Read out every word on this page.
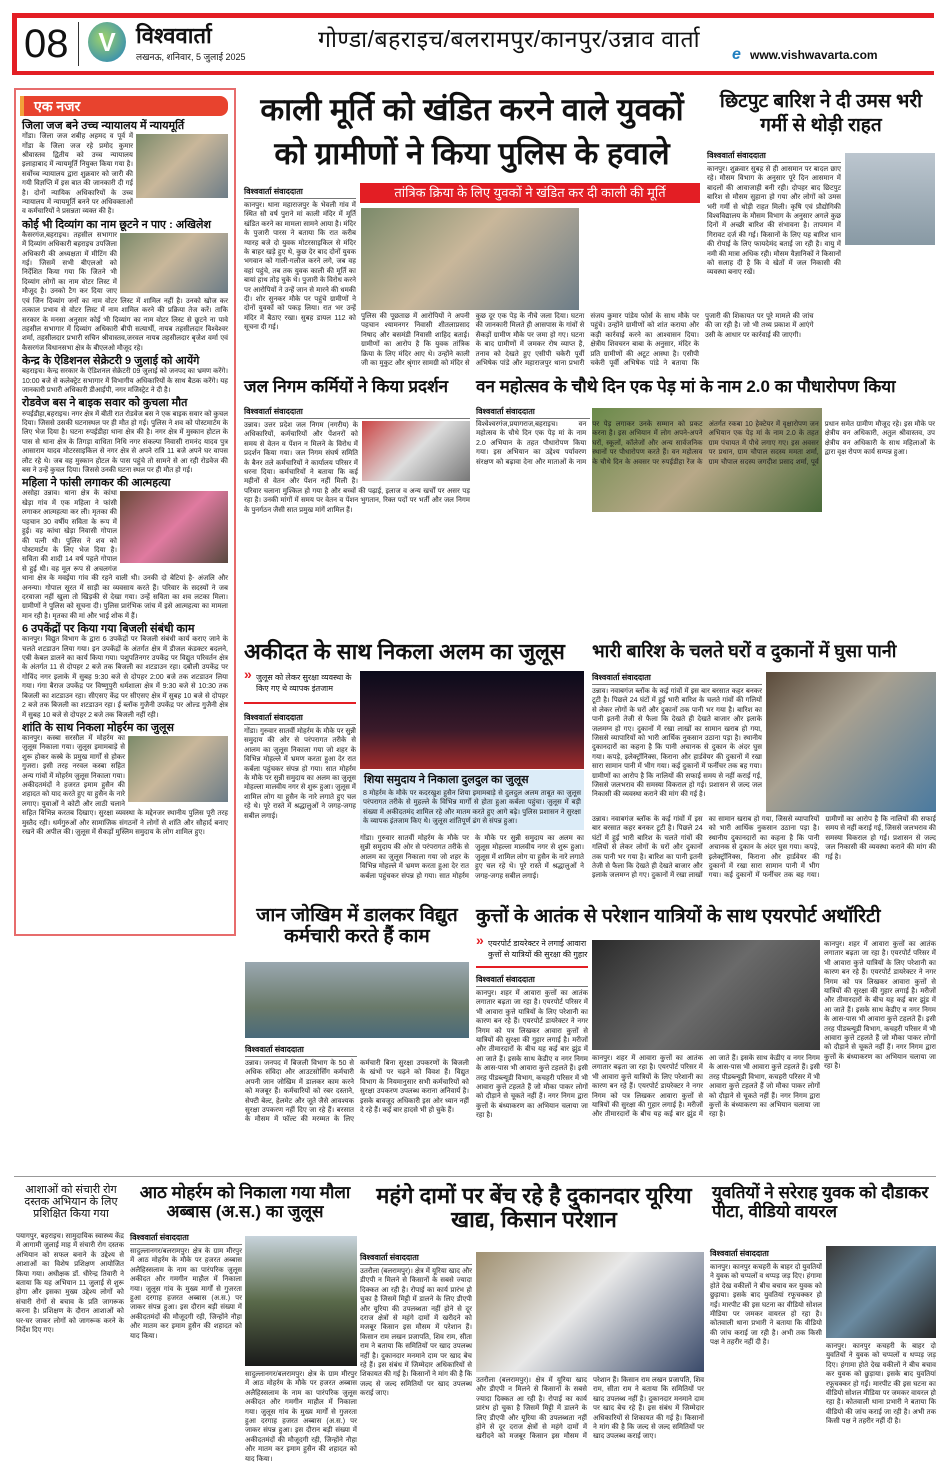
08	V विश्ववार्ता
लखनऊ, शनिवार, 5 जुलाई 2025
गोण्डा/बहराइच/बलरामपुर/कानपुर/उन्नाव वार्ता
e www.vishwavarta.com
एक नजर
जिला जज बने उच्च न्यायालय में न्यायमूर्ति

गोंडा। जिला जज शबीह अहमद व पूर्व में गोंडा के जिला जज रहे प्रमोद कुमार श्रीवास्तव द्वितीय को उच्च न्यायालय इलाहाबाद में न्यायमूर्ति नियुक्त किया गया है। सर्वोच्च न्यायालय द्वारा शुक्रवार को जारी की गयी विज्ञप्ति में इस बात की जानकारी दी गई है। दोनों न्यायिक अधिकारियों के उच्च न्यायालय में न्यायमूर्ति बनने पर अधिवक्ताओं व कर्मचारियों ने प्रसन्नता व्यक्त की है।

कोई भी दिव्यांग का नाम छूटने न पाए : अखिलेश

कैसरगंज,बहराइच। तहसील सभागार में दिव्यांग अधिकारी बहराइच उपजिला अधिकारी की अध्यक्षता में मीटिंग की गई। जिसमें सभी बीएलओ को निर्देशित किया गया कि जितने भी दिव्यांग लोगों का नाम वोटर लिस्ट में मौजूद है। उनको टैग कर दिया जाए एवं जिन दिव्यांग जनों का नाम वोटर लिस्ट में शामिल नहीं है। उनको खोज कर तत्काल प्रभाव से वोटर लिस्ट में नाम शामिल करने की प्रक्रिया तेज करें। ताकि सरकार के मनसा अनुसार कोई भी दिव्यांग का नाम वोटर लिस्ट से छूटने ना पावे तहसील सभागार में दिव्यांग अधिकारी बीपी सत्यार्थी, नायब तहसीलदार विश्वेश्वर शर्मा, तहसीलदार प्रभारी सचिन श्रीवास्तव,जरवल नायब तहसीलदार बृजेश वर्मा एवं कैसरगंज विधानसभा क्षेत्र के बीएलओ मौजूद रहे।

केन्द्र के ऐडिशनल सेक्रेटरी 9 जुलाई को आयेंगे

बहराइच। केन्द्र सरकार के ऐडिशनल सेक्रेटरी 09 जुलाई को जनपद का भ्रमण करेंगे। 10:00 बजे से कलेक्ट्रेट सभागार में विभागीय अधिकारियों के साथ बैठक करेंगे। यह जानकारी प्रभारी अधिकारी डीआईपी, नगर मजिस्ट्रेट ने दी है।

रोडवेज बस ने बाइक सवार को कुचला मौत

रुपईडीहा,बहराइच। नगर क्षेत्र में बीती रात रोडवेज बस ने एक बाइक सवार को कुचल दिया। जिससे उसकी घटनास्थल पर ही मौत हो गई। पुलिस ने शव को पोस्टमार्टम के लिए भेज दिया है। घटना रुपईडीहा थाना क्षेत्र की है। नगर क्षेत्र में मुस्कान होटल के पास से थाना क्षेत्र के तिगड़ा वाधिता निधि नगर संकल्पा निवासी रामनंद यादव पुत्र आसाराम यादव मोटरसाइकिल से नगर क्षेत्र से अपने रात्रि 11 बजे अपने घर वापस लौट रहे थे। जब वह मुस्कान होटल के पास पहुंचे तो सामने से आ रही रोडवेज की बस ने उन्हें कुचल दिया। जिससे उनकी घटना स्थल पर ही मौत हो गई।

महिला ने फांसी लगाकर की आत्महत्या

असोहा उन्नाव। थाना क्षेत्र के कांथा खेड़ा गांव में एक महिला ने फांसी लगाकर आत्महत्या कर ली। मृतका की पहचान 30 वर्षीय सविता के रूप में हुई। वह कांथा खेड़ा निवासी गोपाल की पत्नी थी। पुलिस ने शव को पोस्टमार्टम के लिए भेज दिया है। सविता की शादी 14 वर्ष पहले गोपाल से हुई थी। वह मूल रूप से अचलगंज थाना क्षेत्र के मवईया गांव की रहने वाली थी। उनकी दो बेटियां है- अंजलि और अनन्या। गोपाल सूरत में साड़ी का व्यवसाय करते हैं। परिवार के सदस्यों ने जब दरवाजा नहीं खुला तो खिड़की से देखा गया। उन्हें सविता का शव लटका मिला। ग्रामीणों ने पुलिस को सूचना दी। पुलिस प्रारंभिक जांच में इसे आत्महत्या का मामला मान रही है। मृतका की मां और भाई शोक में हैं।

6 उपकेंद्रों पर किया गया बिजली संबंधी काम

कानपुर। विद्युत विभाग के द्वारा 6 उपकेंद्रों पर बिजली संबंधी कार्य कराए जाने के चलते शटडाउन लिया गया। इन उपकेंद्रों के अंतर्गत क्षेत्र में डीजल कंडक्टर बदलने, एबी केबल डालने का कार्य किया गया। पशुपतिनगर उपकेंद्र पर विद्युत परिवर्तन क्षेत्र के अंतर्गत 11 से दोपहर 2 बजे तक बिजली का शटडाउन रहा। दबौली उपकेंद्र पर गोविंद नगर इलाके में सुबह 9:30 बजे से दोपहर 2:00 बजे तक शटडाउन लिया गया। गंगा बैराज उपकेंद्र पर विष्णुपुरी धर्मशाला क्षेत्र में 9:30 बजे से 10:30 तक बिजली का शटडाउन रहा। सीएसए केंद्र पर सीएसए क्षेत्र में सुबह 10 बजे से दोपहर 2 बजे तक बिजली का शटडाउन रहा। ई ब्लॉक गुजैनी उपकेंद्र पर ओल्ड गुजैनी क्षेत्र में सुबह 10 बजे से दोपहर 2 बजे तक बिजली नहीं रही।

शांति के साथ निकला मोहर्रम का जुलूस

कानपुर। कस्बा सरसौल में मोहर्रम का जुलूस निकाला गया। जुलूस इमामबाड़े से शुरू होकर कस्बे के प्रमुख मार्गों से होकर गुजरा। इसी तरह नरवल कस्बा सहित अन्य गांवों में मोहर्रम जुलूस निकाला गया। अकीदतमंदों ने हजरत इमाम हुसैन की शहादत को याद करते हुए या हुसैन के नारे लगाए। युवाओं ने कोटी और लाठी चलाने सहित विभिन्न करतब दिखाए। सुरक्षा व्यवस्था के मद्देनजर स्थानीय पुलिस पूरी तरह मुस्तैद रही। धर्मगुरुओं और सामाजिक संगठनों ने लोगों से शांति और सौहार्द बनाए रखने की अपील की। जुलूस में सैकड़ों मुस्लिम समुदाय के लोग शामिल हुए।

काली मूर्ति को खंडित करने वाले युवकों को ग्रामीणों ने किया पुलिस के हवाले
विश्ववार्ता संवाददाता

कानपुर। थाना महाराजपुर के भेवली गांव में स्थित सौ वर्ष पुराने मां काली मंदिर में मूर्ति खंडित करने का मामला सामने आया है। मंदिर के पुजारी पारस ने बताया कि रात करीब ग्यारह बजे दो युवक मोटरसाइकिल से मंदिर के बाहर खड़े हुए थे, कुछ देर बाद दोनों युवक भगवान को गाली-गलौज करने लगे, जब वह वहां पहुंचे, तब तक युवक काली की मूर्ति का बायां हाथ तोड़ चुके थे। पुजारी के विरोध करने पर आरोपियों ने उन्हें जान से मारने की धमकी दी। शोर सुनकर मौके पर पहुंचे ग्रामीणों ने दोनों युवकों को पकड़ लिया। रात भर उन्हें मंदिर में बैठाए रखा। सुबह डायल 112 को सूचना दी गई।

तांत्रिक क्रिया के लिए युवकों ने खंडित कर दी काली की मूर्ति

पुलिस की पूछताछ में आरोपियों ने अपनी पहचान श्यामनगर निवासी शीतलाप्रसाद निषाद और बसमंडी निवासी शाहिद बताई। ग्रामीणों का आरोप है कि युवक तांत्रिक क्रिया के लिए मंदिर आए थे। उन्होंने काली जी का मुकुट और श्रृंगार सामग्री को मंदिर से कुछ दूर एक पेड़ के नीचे जला दिया। घटना की जानकारी मिलते ही आसपास के गांवों से सैकड़ों ग्रामीण मौके पर जमा हो गए। घटना के बाद ग्रामीणों में जमकर रोष व्याप्त है, तनाव को देखते हुए एसीपी चकेरी पूर्वी अभिषेक पांडे और महाराजपुर थाना प्रभारी संजय कुमार पांडेय फोर्स के साथ मौके पर पहुंचे। उन्होंने ग्रामीणों को शांत कराया और कड़ी कार्रवाई करने का आश्वासन दिया। क्षेत्रीय शिवचरन बाबा के अनुसार, मंदिर के प्रति ग्रामीणों की अटूट आस्था है। एसीपी चकेरी पूर्वी अभिषेक पांडे ने बताया कि पुजारी की शिकायत पर पूरे मामले की जांच की जा रही है। जो भी तथ्य प्रकाश में आएंगे उसी के आधार पर कार्रवाई की जाएगी।

छिटपुट बारिश ने दी उमस भरी गर्मी से थोड़ी राहत
विश्ववार्ता संवाददाता

कानपुर। शुक्रवार सुबह से ही आसमान पर बादल छाए रहे। मौसम विभाग के अनुसार पूरे दिन आसमान में बादलों की आवाजाही बनी रही। दोपहर बाद छिटपुट बारिश से मौसम सुहाना हो गया और लोगों को उमस भरी गर्मी से थोड़ी राहत मिली। कृषि एवं प्रौद्योगिकी विश्वविद्यालय के मौसम विभाग के अनुसार अगले कुछ दिनों में अच्छी बारिश की संभावना है। तापमान में गिरावट दर्ज की गई। किसानों के लिए यह बारिश धान की रोपाई के लिए फायदेमंद बताई जा रही है। वायु में नमी की मात्रा अधिक रही। मौसम वैज्ञानिकों ने किसानों को सलाह दी है कि वे खेतों में जल निकासी की व्यवस्था बनाए रखें।

जल निगम कर्मियों ने किया प्रदर्शन
विश्ववार्ता संवाददाता

उन्नाव। उत्तर प्रदेश जल निगम (नगरीय) के अधिकारियों, कर्मचारियों और पेंशनरों को समय से वेतन व पेंशन न मिलने के विरोध में प्रदर्शन किया गया। जल निगम संघर्ष समिति के बैनर तले कर्मचारियों ने कार्यालय परिसर में धरना दिया। कर्मचारियों ने बताया कि कई महीनों से वेतन और पेंशन नहीं मिली है। परिवार चलाना मुश्किल हो गया है और बच्चों की पढ़ाई, इलाज व अन्य खर्चों पर असर पड़ रहा है। उनकी मांगों में समय पर वेतन व पेंशन भुगतान, रिक्त पदों पर भर्ती और जल निगम के पुनर्गठन जैसी सात प्रमुख मांगें शामिल हैं।

वन महोत्सव के चौथे दिन एक पेड़ मां के नाम 2.0 का पौधारोपण किया
विश्ववार्ता संवाददाता

विश्वेश्वरगंज,प्रयागराज,बहराइच। वन महोत्सव के चौथे दिन एक पेड़ मां के नाम 2.0 अभियान के तहत पौधारोपण किया गया। इस अभियान का उद्देश्य पर्यावरण संरक्षण को बढ़ावा देना और माताओं के नाम पर पेड़ लगाकर उनके सम्मान को प्रकट करना है। इस अभियान में लोग अपने-अपने घरों, स्कूलों, कॉलेजों और अन्य सार्वजनिक स्थानों पर पौधारोपण करते हैं। वन महोत्सव के चौथे दिन के अवसर पर रुपईडीहा रेंज के अंतर्गत रकबा 10 हेक्टेयर में वृक्षारोपण जन अभियान एक पेड़ मां के नाम 2.0 के तहत ग्राम पंचायत में पौधे लगाए गए। इस अवसर पर प्रधान, ग्राम चौपाल सदस्य ममता शर्मा, ग्राम चौपाल सदस्य जगदीश प्रसाद शर्मा, पूर्व प्रधान समेत ग्रामीण मौजूद रहे। इस मौके पर क्षेत्रीय वन अधिकारी, अतुल श्रीवास्तव, उप क्षेत्रीय वन अधिकारी के साथ महिलाओं के द्वारा वृक्ष रोपण कार्य सम्पन्न हुआ।

अकीदत के साथ निकला अलम का जुलूस
» जुलूस को लेकर सुरक्षा व्यवस्था के किए गए थे व्यापक इंतजाम
विश्ववार्ता संवाददाता

गोंडा। गुरुवार सातवीं मोहर्रम के मौके पर सुन्नी समुदाय की ओर से परंपरागत तरीके से आलम का जुलूस निकाला गया जो शहर के विभिन्न मोहल्ले में भ्रमण करता हुआ देर रात कर्बला पहुंचकर संपन्न हो गया। सात मोहर्रम के मौके पर सुन्नी समुदाय का अलम का जुलूस मोहल्ला मालवीय नगर से शुरू हुआ। जुलूस में शामिल लोग या हुसैन के नारे लगाते हुए चल रहे थे। पूरे रास्ते में श्रद्धालुओं ने जगह-जगह सबील लगाई।

शिया समुदाय ने निकाला दुलदुल का जुलूस

8 मोहर्रम के मौके पर कदरखुश हुसैन शिया इमामबाड़े से दुलदुल अलम ताबूत का जुलूस परंपरागत तरीके से मुहल्ले के विभिन्न मार्गों से होता हुआ कर्बला पहुंचा। जुलूस में बड़ी संख्या में अकीदतमंद शामिल रहे और मातम करते हुए आगे बढ़े। पुलिस प्रशासन ने सुरक्षा के व्यापक इंतजाम किए थे। जुलूस शांतिपूर्ण ढंग से संपन्न हुआ।

गोंडा। गुरुवार सातवीं मोहर्रम के मौके पर सुन्नी समुदाय की ओर से परंपरागत तरीके से आलम का जुलूस निकाला गया जो शहर के विभिन्न मोहल्ले में भ्रमण करता हुआ देर रात कर्बला पहुंचकर संपन्न हो गया। सात मोहर्रम के मौके पर सुन्नी समुदाय का अलम का जुलूस मोहल्ला मालवीय नगर से शुरू हुआ। जुलूस में शामिल लोग या हुसैन के नारे लगाते हुए चल रहे थे। पूरे रास्ते में श्रद्धालुओं ने जगह-जगह सबील लगाई।

भारी बारिश के चलते घरों व दुकानों में घुसा पानी
विश्ववार्ता संवाददाता

उन्नाव। नवाबगंज ब्लॉक के कई गांवों में इस बार बरसात कहर बनकर टूटी है। पिछले 24 घंटों में हुई भारी बारिश के चलते गांवों की गलियों से लेकर लोगों के घरों और दुकानों तक पानी भर गया है। बारिश का पानी इतनी तेजी से फैला कि देखते ही देखते बाजार और इलाके जलमग्न हो गए। दुकानों में रखा लाखों का सामान खराब हो गया, जिससे व्यापारियों को भारी आर्थिक नुकसान उठाना पड़ा है। स्थानीय दुकानदारों का कहना है कि पानी अचानक से दुकान के अंदर घुस गया। कपड़े, इलेक्ट्रॉनिक्स, किराना और हार्डवेयर की दुकानों में रखा सारा सामान पानी में भीग गया। कई दुकानों में फर्नीचर तक बह गया। ग्रामीणों का आरोप है कि नालियों की सफाई समय से नहीं कराई गई, जिससे जलभराव की समस्या विकराल हो गई। प्रशासन से जल्द जल निकासी की व्यवस्था कराने की मांग की गई है।

उन्नाव। नवाबगंज ब्लॉक के कई गांवों में इस बार बरसात कहर बनकर टूटी है। पिछले 24 घंटों में हुई भारी बारिश के चलते गांवों की गलियों से लेकर लोगों के घरों और दुकानों तक पानी भर गया है। बारिश का पानी इतनी तेजी से फैला कि देखते ही देखते बाजार और इलाके जलमग्न हो गए। दुकानों में रखा लाखों का सामान खराब हो गया, जिससे व्यापारियों को भारी आर्थिक नुकसान उठाना पड़ा है। स्थानीय दुकानदारों का कहना है कि पानी अचानक से दुकान के अंदर घुस गया। कपड़े, इलेक्ट्रॉनिक्स, किराना और हार्डवेयर की दुकानों में रखा सारा सामान पानी में भीग गया। कई दुकानों में फर्नीचर तक बह गया। ग्रामीणों का आरोप है कि नालियों की सफाई समय से नहीं कराई गई, जिससे जलभराव की समस्या विकराल हो गई। प्रशासन से जल्द जल निकासी की व्यवस्था कराने की मांग की गई है।

जान जोखिम में डालकर विद्युत कर्मचारी करते हैं काम
विश्ववार्ता संवाददाता

उन्नाव। जनपद में बिजली विभाग के 50 से अधिक संविदा और आउटसोर्सिंग कर्मचारी अपनी जान जोखिम में डालकर काम करने को मजबूर हैं। कर्मचारियों को रबर दस्ताने, सेफ्टी बेल्ट, हेलमेट और जूते जैसे आवश्यक सुरक्षा उपकरण नहीं दिए जा रहे हैं। बरसात के मौसम में फॉल्ट की मरम्मत के लिए कर्मचारी बिना सुरक्षा उपकरणों के बिजली के खंभों पर चढ़ने को विवश हैं। विद्युत विभाग के नियमानुसार सभी कर्मचारियों को सुरक्षा उपकरण उपलब्ध कराना अनिवार्य है। इसके बावजूद अधिकारी इस ओर ध्यान नहीं दे रहे हैं। कई बार हादसे भी हो चुके हैं।

कुत्तों के आतंक से परेशान यात्रियों के साथ एयरपोर्ट अथॉरिटी
» एयरपोर्ट डायरेक्टर ने लगाई आवारा कुत्तों से यात्रियों की सुरक्षा की गुहार
विश्ववार्ता संवाददाता

कानपुर। शहर में आवारा कुत्तों का आतंक लगातार बढ़ता जा रहा है। एयरपोर्ट परिसर में भी आवारा कुत्ते यात्रियों के लिए परेशानी का कारण बन रहे हैं। एयरपोर्ट डायरेक्टर ने नगर निगम को पत्र लिखकर आवारा कुत्तों से यात्रियों की सुरक्षा की गुहार लगाई है। मरीजों और तीमारदारों के बीच यह कई बार झुंड में आ जाते हैं। इसके साथ केडीए व नगर निगम के आस-पास भी आवारा कुत्ते टहलते हैं। इसी तरह पीडब्ल्यूडी विभाग, कचहरी परिसर में भी आवारा कुत्ते टहलते हैं जो मौका पाकर लोगों को दौड़ाने से चूकते नहीं हैं। नगर निगम द्वारा कुत्तों के बंध्याकरण का अभियान चलाया जा रहा है।

कानपुर। शहर में आवारा कुत्तों का आतंक लगातार बढ़ता जा रहा है। एयरपोर्ट परिसर में भी आवारा कुत्ते यात्रियों के लिए परेशानी का कारण बन रहे हैं। एयरपोर्ट डायरेक्टर ने नगर निगम को पत्र लिखकर आवारा कुत्तों से यात्रियों की सुरक्षा की गुहार लगाई है। मरीजों और तीमारदारों के बीच यह कई बार झुंड में आ जाते हैं। इसके साथ केडीए व नगर निगम के आस-पास भी आवारा कुत्ते टहलते हैं। इसी तरह पीडब्ल्यूडी विभाग, कचहरी परिसर में भी आवारा कुत्ते टहलते हैं जो मौका पाकर लोगों को दौड़ाने से चूकते नहीं हैं। नगर निगम द्वारा कुत्तों के बंध्याकरण का अभियान चलाया जा रहा है।

कानपुर। शहर में आवारा कुत्तों का आतंक लगातार बढ़ता जा रहा है। एयरपोर्ट परिसर में भी आवारा कुत्ते यात्रियों के लिए परेशानी का कारण बन रहे हैं। एयरपोर्ट डायरेक्टर ने नगर निगम को पत्र लिखकर आवारा कुत्तों से यात्रियों की सुरक्षा की गुहार लगाई है। मरीजों और तीमारदारों के बीच यह कई बार झुंड में आ जाते हैं। इसके साथ केडीए व नगर निगम के आस-पास भी आवारा कुत्ते टहलते हैं। इसी तरह पीडब्ल्यूडी विभाग, कचहरी परिसर में भी आवारा कुत्ते टहलते हैं जो मौका पाकर लोगों को दौड़ाने से चूकते नहीं हैं। नगर निगम द्वारा कुत्तों के बंध्याकरण का अभियान चलाया जा रहा है।

आशाओं को संचारी रोग दस्तक अभियान के लिए प्रशिक्षित किया गया

पयागपुर, बहराइच। सामुदायिक स्वास्थ्य केंद्र में आगामी जुलाई माह में संचारी रोग दस्तक अभियान को सफल बनाने के उद्देश्य से आशाओं का विशेष प्रशिक्षण आयोजित किया गया। अधीक्षक डॉ. धीरेन्द्र तिवारी ने बताया कि यह अभियान 11 जुलाई से शुरू होगा और इसका मुख्य उद्देश्य लोगों को संचारी रोगों से बचाव के प्रति जागरूक करना है। प्रशिक्षण के दौरान आशाओं को घर-घर जाकर लोगों को जागरूक करने के निर्देश दिए गए।

आठ मोहर्रम को निकाला गया मौला अब्बास (अ.स.) का जुलूस
विश्ववार्ता संवाददाता

सादुल्लानगर/बलरामपुर। क्षेत्र के ग्राम मीरपुर में आठ मोहर्रम के मौके पर हजरत अब्बास अलैहिस्सलाम के नाम का पारंपरिक जुलूस अकीदत और गमगीन माहौल में निकाला गया। जुलूस गांव के मुख्य मार्गों से गुजरता हुआ दरगाह हजरत अब्बास (अ.स.) पर जाकर संपन्न हुआ। इस दौरान बड़ी संख्या में अकीदतमंदों की मौजूदगी रही, जिन्होंने नौहा और मातम कर इमाम हुसैन की शहादत को याद किया।

सादुल्लानगर/बलरामपुर। क्षेत्र के ग्राम मीरपुर में आठ मोहर्रम के मौके पर हजरत अब्बास अलैहिस्सलाम के नाम का पारंपरिक जुलूस अकीदत और गमगीन माहौल में निकाला गया। जुलूस गांव के मुख्य मार्गों से गुजरता हुआ दरगाह हजरत अब्बास (अ.स.) पर जाकर संपन्न हुआ। इस दौरान बड़ी संख्या में अकीदतमंदों की मौजूदगी रही, जिन्होंने नौहा और मातम कर इमाम हुसैन की शहादत को याद किया।

महंगे दामों पर बेंच रहे है दुकानदार यूरिया खाद्य, किसान परेशान
विश्ववार्ता संवाददाता

उतरौला (बलरामपुर)। क्षेत्र में यूरिया खाद और डीएपी न मिलने से किसानों के सबसे ज्यादा दिक्कत आ रही है। रोपाई का कार्य प्रारंभ हो चुका है जिसमें मिट्टी में डालने के लिए डीएपी और यूरिया की उपलब्धता नहीं होने से दूर दराज क्षेत्रों से महंगे दामों में खरीदने को मजबूर किसान इस मौसम में परेशान हैं। किसान राम लखन प्रजापति, शिव राम, सीता राम ने बताया कि समितियों पर खाद उपलब्ध नहीं है। दुकानदार मनमाने दाम पर खाद बेच रहे हैं। इस संबंध में जिम्मेदार अधिकारियों से शिकायत की गई है। किसानों ने मांग की है कि जल्द से जल्द समितियों पर खाद उपलब्ध कराई जाए।

उतरौला (बलरामपुर)। क्षेत्र में यूरिया खाद और डीएपी न मिलने से किसानों के सबसे ज्यादा दिक्कत आ रही है। रोपाई का कार्य प्रारंभ हो चुका है जिसमें मिट्टी में डालने के लिए डीएपी और यूरिया की उपलब्धता नहीं होने से दूर दराज क्षेत्रों से महंगे दामों में खरीदने को मजबूर किसान इस मौसम में परेशान हैं। किसान राम लखन प्रजापति, शिव राम, सीता राम ने बताया कि समितियों पर खाद उपलब्ध नहीं है। दुकानदार मनमाने दाम पर खाद बेच रहे हैं। इस संबंध में जिम्मेदार अधिकारियों से शिकायत की गई है। किसानों ने मांग की है कि जल्द से जल्द समितियों पर खाद उपलब्ध कराई जाए।

युवतियों ने सरेराह युवक को दौडाकर पीटा, वीडियो वायरल
विश्ववार्ता संवाददाता

कानपुर। कानपुर कचहरी के बाहर दो युवतियों ने युवक को चप्पलों व थप्पड़ जड़ दिए। हंगामा होते देख वकीलों ने बीच बचाव कर युवक को छुड़ाया। इसके बाद युवतियां रफूचक्कर हो गईं। मारपीट की इस घटना का वीडियो सोशल मीडिया पर जमकर वायरल हो रहा है। कोतवाली थाना प्रभारी ने बताया कि वीडियो की जांच कराई जा रही है। अभी तक किसी पक्ष ने तहरीर नहीं दी है।

कानपुर। कानपुर कचहरी के बाहर दो युवतियों ने युवक को चप्पलों व थप्पड़ जड़ दिए। हंगामा होते देख वकीलों ने बीच बचाव कर युवक को छुड़ाया। इसके बाद युवतियां रफूचक्कर हो गईं। मारपीट की इस घटना का वीडियो सोशल मीडिया पर जमकर वायरल हो रहा है। कोतवाली थाना प्रभारी ने बताया कि वीडियो की जांच कराई जा रही है। अभी तक किसी पक्ष ने तहरीर नहीं दी है।
